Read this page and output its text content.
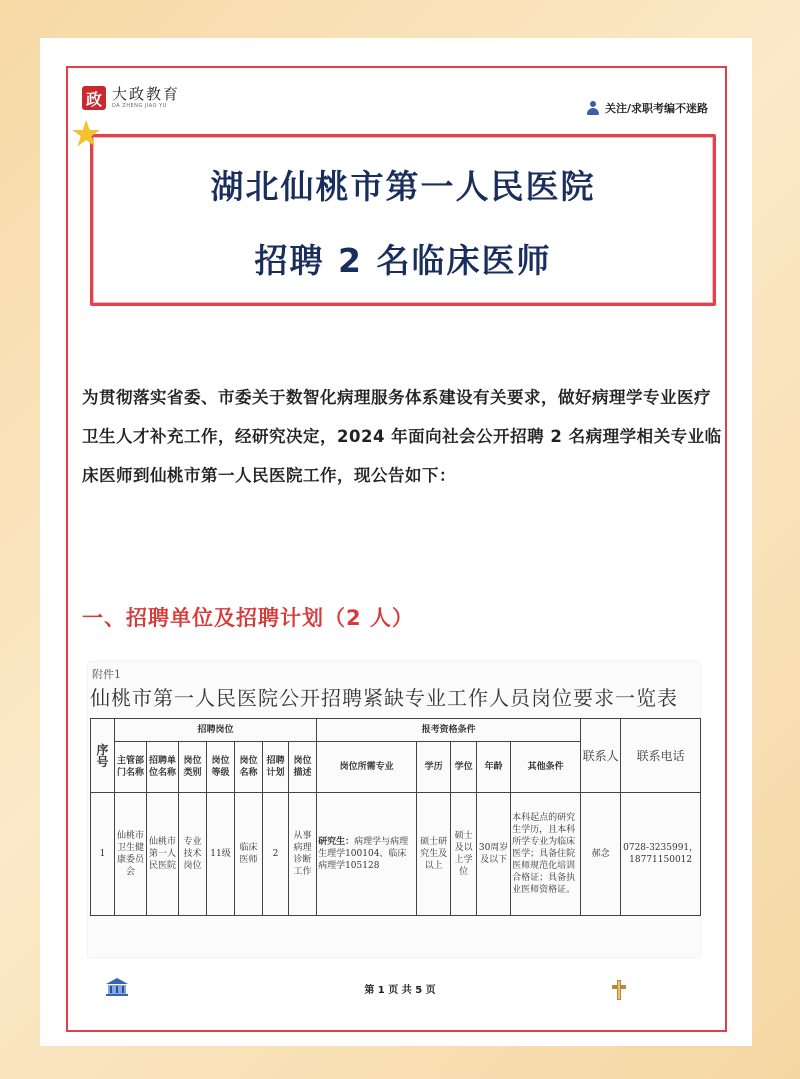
政 大政教育
DA ZHENG JIAO YU	关注/求职考编不迷路
湖北仙桃市第一人民医院
招聘 2 名临床医师
★
为贯彻落实省委、市委关于数智化病理服务体系建设有关要求，做好病理学专业医疗卫生人才补充工作，经研究决定，2024 年面向社会公开招聘 2 名病理学相关专业临床医师到仙桃市第一人民医院工作，现公告如下：
一、招聘单位及招聘计划（2 人）
附件1
仙桃市第一人民医院公开招聘紧缺专业工作人员岗位要求一览表
序号	招聘岗位							报考资格条件					联系人	联系电话
	主管部门名称	招聘单位名称	岗位类别	岗位等级	岗位名称	招聘计划	岗位描述	岗位所需专业	学历	学位	年龄	其他条件		
1	仙桃市卫生健康委员会	仙桃市第一人民医院	专业技术岗位	11级	临床医师	2	从事病理诊断工作	研究生：病理学与病理生理学100104、临床病理学105128	硕士研究生及以上	硕士及以上学位	30周岁及以下	本科起点的研究生学历，且本科所学专业为临床医学；具备住院医师规范化培训合格证；具备执业医师资格证。	郝念	0728-3235991，18771150012
第 1 页 共 5 页
